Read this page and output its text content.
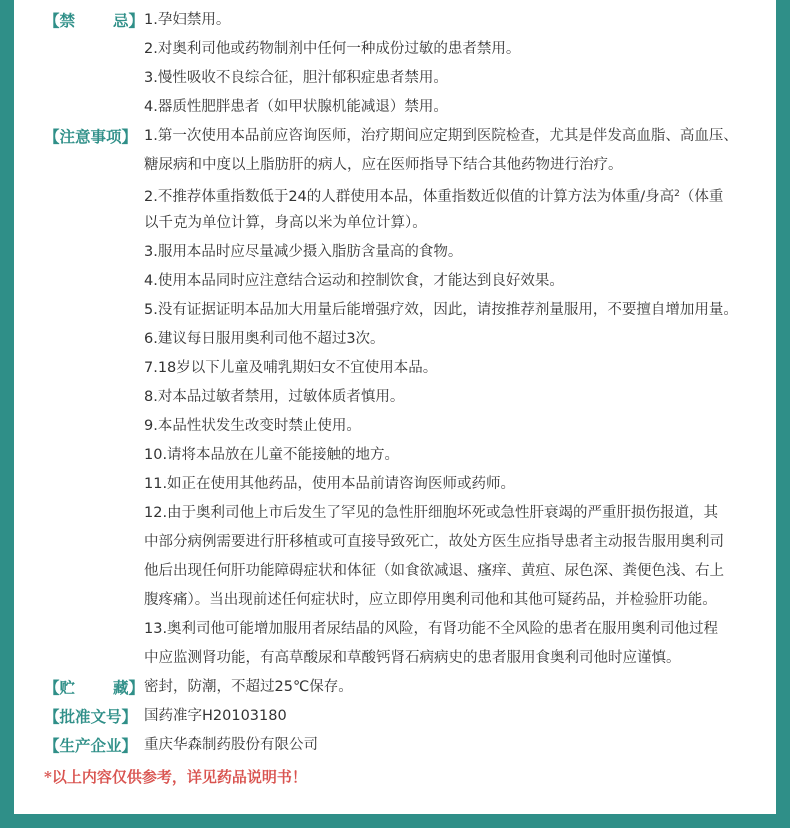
【禁 忌】 1.孕妇禁用。
2.对奥利司他或药物制剂中任何一种成份过敏的患者禁用。
3.慢性吸收不良综合征，胆汁郁积症患者禁用。
4.器质性肥胖患者（如甲状腺机能减退）禁用。
【注意事项】 1.第一次使用本品前应咨询医师，治疗期间应定期到医院检查，尤其是伴发高血脂、高血压、
糖尿病和中度以上脂肪肝的病人，应在医师指导下结合其他药物进行治疗。
2.不推荐体重指数低于24的人群使用本品，体重指数近似值的计算方法为体重/身高$^2$（体重
以千克为单位计算，身高以米为单位计算）。
3.服用本品时应尽量减少摄入脂肪含量高的食物。
4.使用本品同时应注意结合运动和控制饮食，才能达到良好效果。
5.没有证据证明本品加大用量后能增强疗效，因此，请按推荐剂量服用，不要擅自增加用量。
6.建议每日服用奥利司他不超过3次。
7.18岁以下儿童及哺乳期妇女不宜使用本品。
8.对本品过敏者禁用，过敏体质者慎用。
9.本品性状发生改变时禁止使用。
10.请将本品放在儿童不能接触的地方。
11.如正在使用其他药品，使用本品前请咨询医师或药师。
12.由于奥利司他上市后发生了罕见的急性肝细胞坏死或急性肝衰竭的严重肝损伤报道，其
中部分病例需要进行肝移植或可直接导致死亡，故处方医生应指导患者主动报告服用奥利司
他后出现任何肝功能障碍症状和体征（如食欲减退、瘙痒、黄疸、尿色深、粪便色浅、右上
腹疼痛）。当出现前述任何症状时，应立即停用奥利司他和其他可疑药品，并检验肝功能。
13.奥利司他可能增加服用者尿结晶的风险，有肾功能不全风险的患者在服用奥利司他过程
中应监测肾功能，有高草酸尿和草酸钙肾石病病史的患者服用食奥利司他时应谨慎。
【贮 藏】 密封，防潮，不超过25℃保存。
【批准文号】 国药准字H20103180
【生产企业】 重庆华森制药股份有限公司
*以上内容仅供参考，详见药品说明书！
